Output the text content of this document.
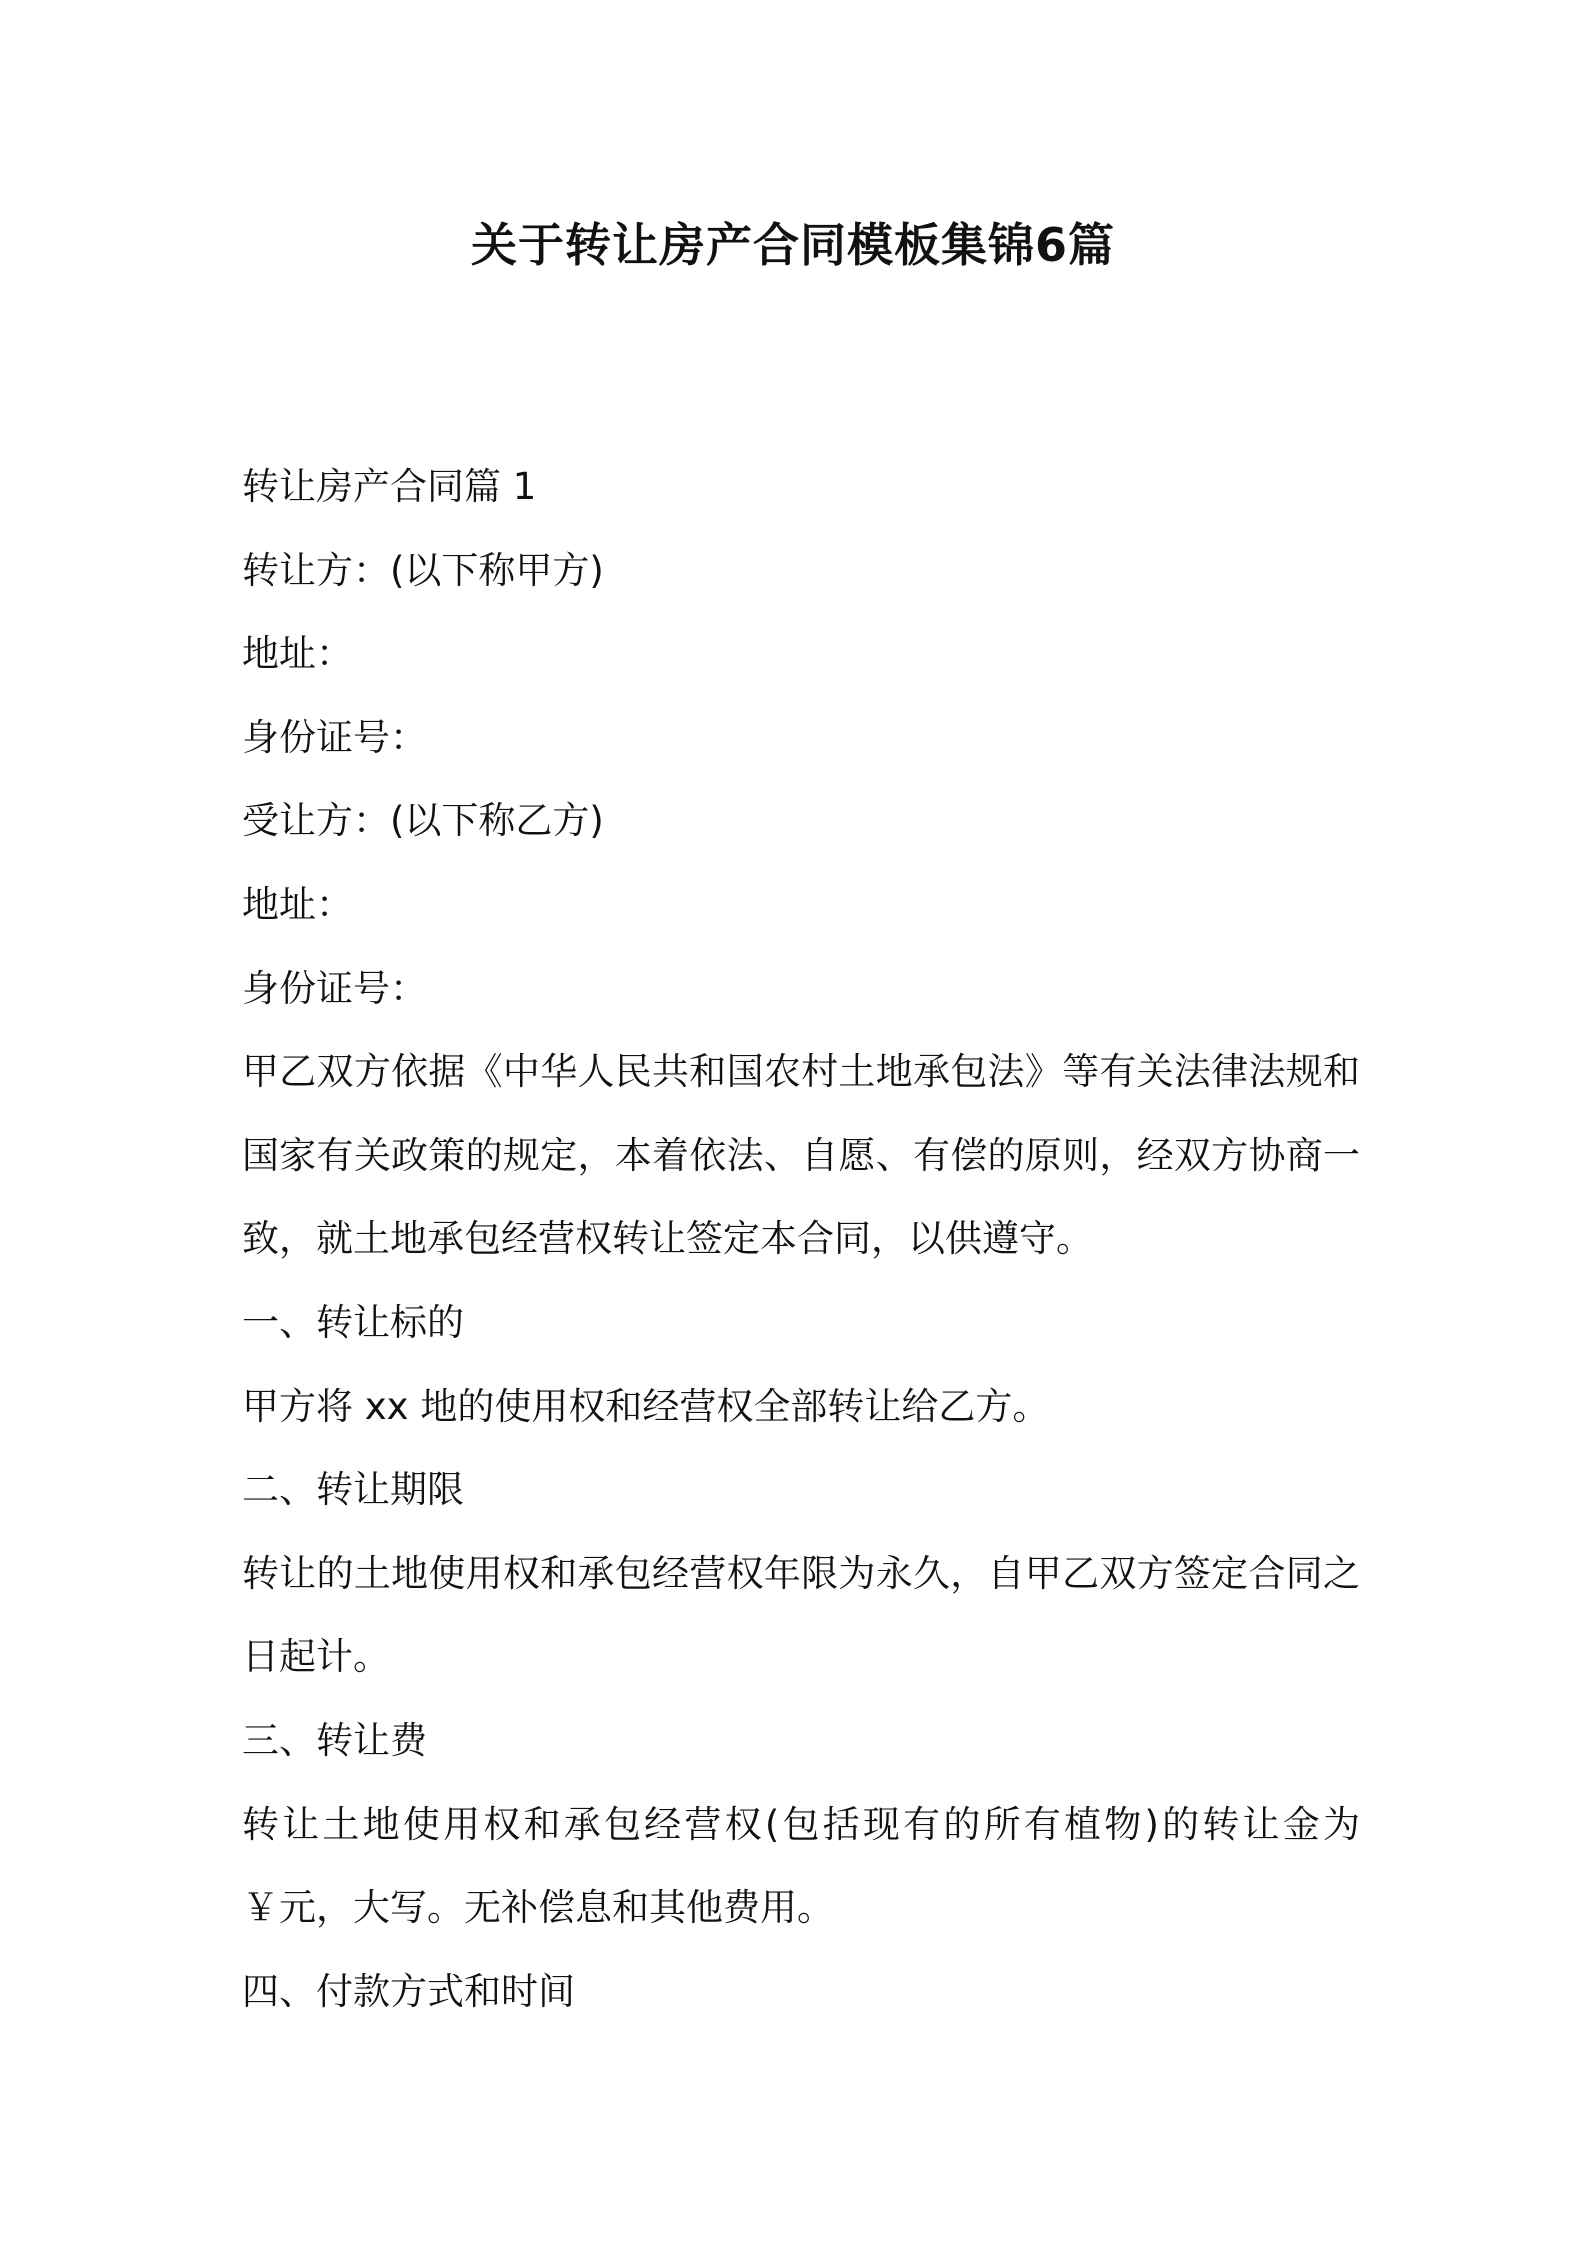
关于转让房产合同模板集锦6篇

转让房产合同篇 1

转让方：(以下称甲方)

地址：

身份证号：

受让方：(以下称乙方)

地址：

身份证号：

甲乙双方依据《中华人民共和国农村土地承包法》等有关法律法规和国家有关政策的规定，本着依法、自愿、有偿的原则，经双方协商一致，就土地承包经营权转让签定本合同，以供遵守。

一、转让标的

甲方将 xx 地的使用权和经营权全部转让给乙方。

二、转让期限

转让的土地使用权和承包经营权年限为永久，自甲乙双方签定合同之日起计。

三、转让费

转让土地使用权和承包经营权(包括现有的所有植物)的转让金为￥元，大写。无补偿息和其他费用。

四、付款方式和时间
